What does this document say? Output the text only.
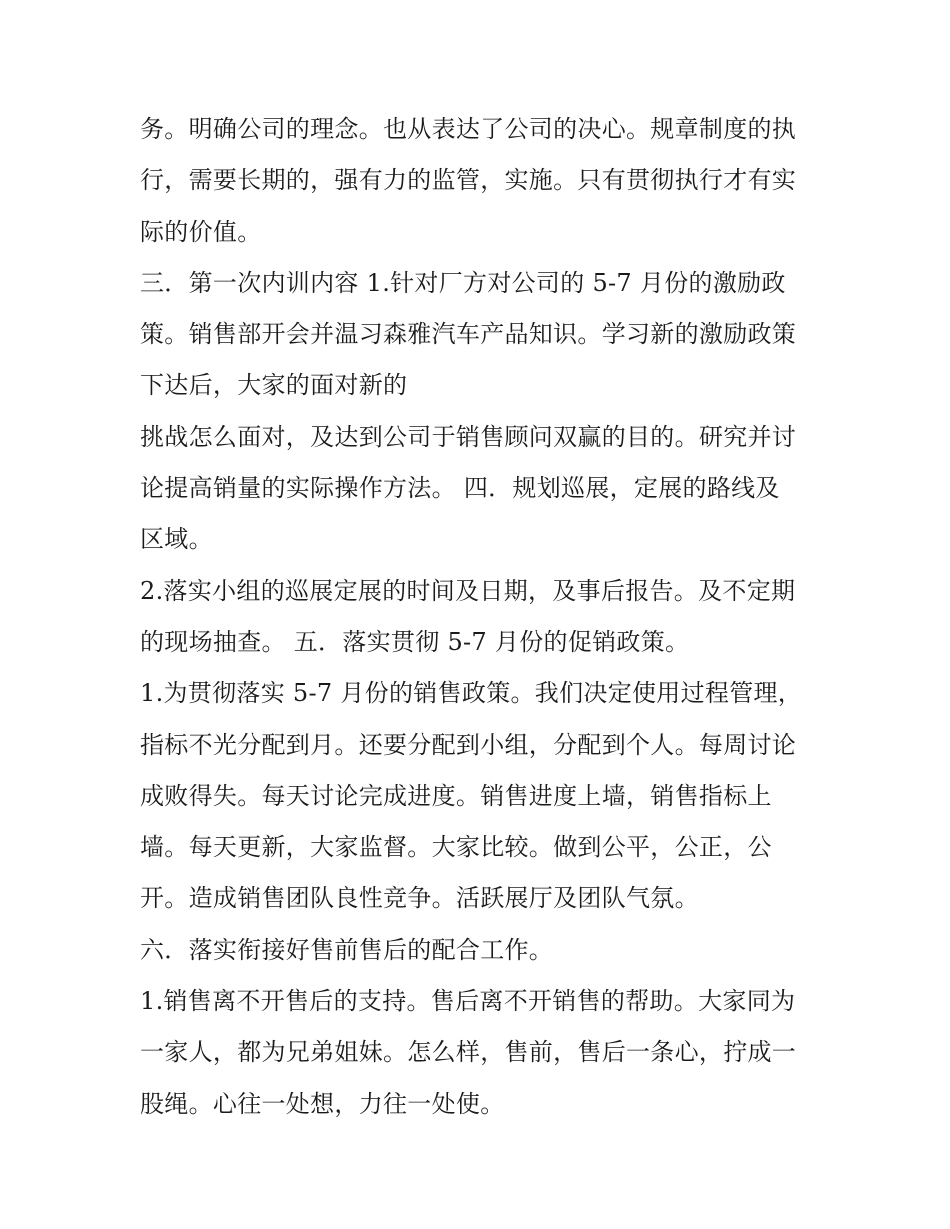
务。明确公司的理念。也从表达了公司的决心。规章制度的执
行，需要长期的，强有力的监管，实施。只有贯彻执行才有实
际的价值。
三．第一次内训内容 1.针对厂方对公司的 5-7 月份的激励政
策。销售部开会并温习森雅汽车产品知识。学习新的激励政策
下达后，大家的面对新的
挑战怎么面对，及达到公司于销售顾问双赢的目的。研究并讨
论提高销量的实际操作方法。 四．规划巡展，定展的路线及
区域。
2.落实小组的巡展定展的时间及日期，及事后报告。及不定期
的现场抽查。 五．落实贯彻 5-7 月份的促销政策。
1.为贯彻落实 5-7 月份的销售政策。我们决定使用过程管理，
指标不光分配到月。还要分配到小组，分配到个人。每周讨论
成败得失。每天讨论完成进度。销售进度上墙，销售指标上
墙。每天更新，大家监督。大家比较。做到公平，公正，公
开。造成销售团队良性竞争。活跃展厅及团队气氛。
六．落实衔接好售前售后的配合工作。
1.销售离不开售后的支持。售后离不开销售的帮助。大家同为
一家人，都为兄弟姐妹。怎么样，售前，售后一条心，拧成一
股绳。心往一处想，力往一处使。
